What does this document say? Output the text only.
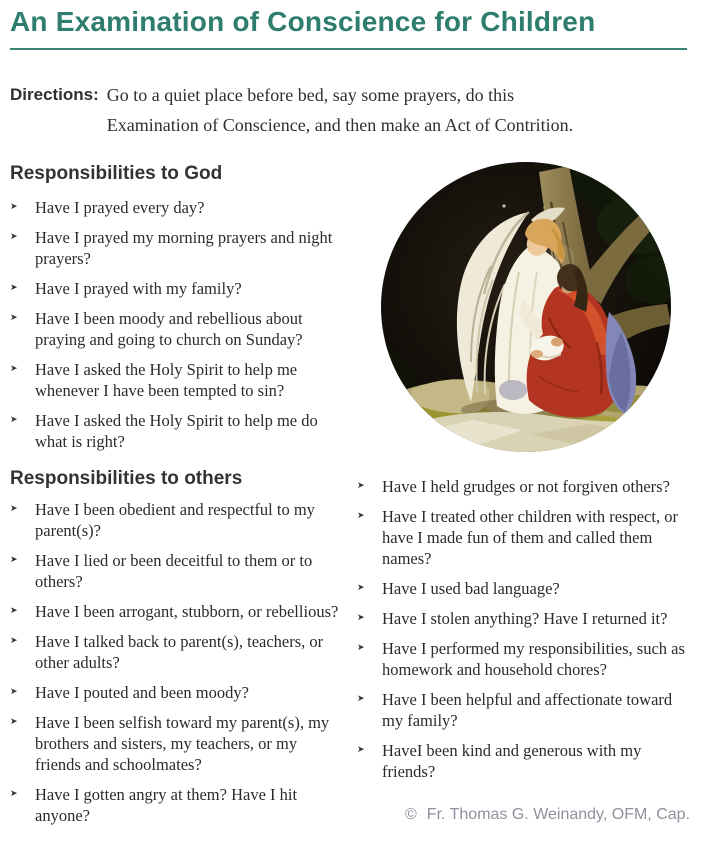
An Examination of Conscience for Children
Directions: Go to a quiet place before bed, say some prayers, do this Examination of Conscience, and then make an Act of Contrition.
Responsibilities to God
➤	Have I prayed every day?
➤	Have I prayed my morning prayers and night prayers?
➤	Have I prayed with my family?
➤	Have I been moody and rebellious about praying and going to church on Sunday?
➤	Have I asked the Holy Spirit to help me whenever I have been tempted to sin?
➤	Have I asked the Holy Spirit to help me do what is right?
Responsibilities to others
➤	Have I been obedient and respectful to my parent(s)?
➤	Have I lied or been deceitful to them or to others?
➤	Have I been arrogant, stubborn, or rebellious?
➤	Have I talked back to parent(s), teachers, or other adults?
➤	Have I pouted and been moody?
➤	Have I been selfish toward my parent(s), my brothers and sisters, my teachers, or my friends and schoolmates?
➤	Have I gotten angry at them? Have I hit anyone?
➤	Have I held grudges or not forgiven others?
➤	Have I treated other children with respect, or have I made fun of them and called them names?
➤	Have I used bad language?
➤	Have I stolen anything? Have I returned it?
➤	Have I performed my responsibilities, such as homework and household chores?
➤	Have I been helpful and affectionate toward my family?
➤	HaveI been kind and generous with my friends?
© Fr. Thomas G. Weinandy, OFM, Cap.
